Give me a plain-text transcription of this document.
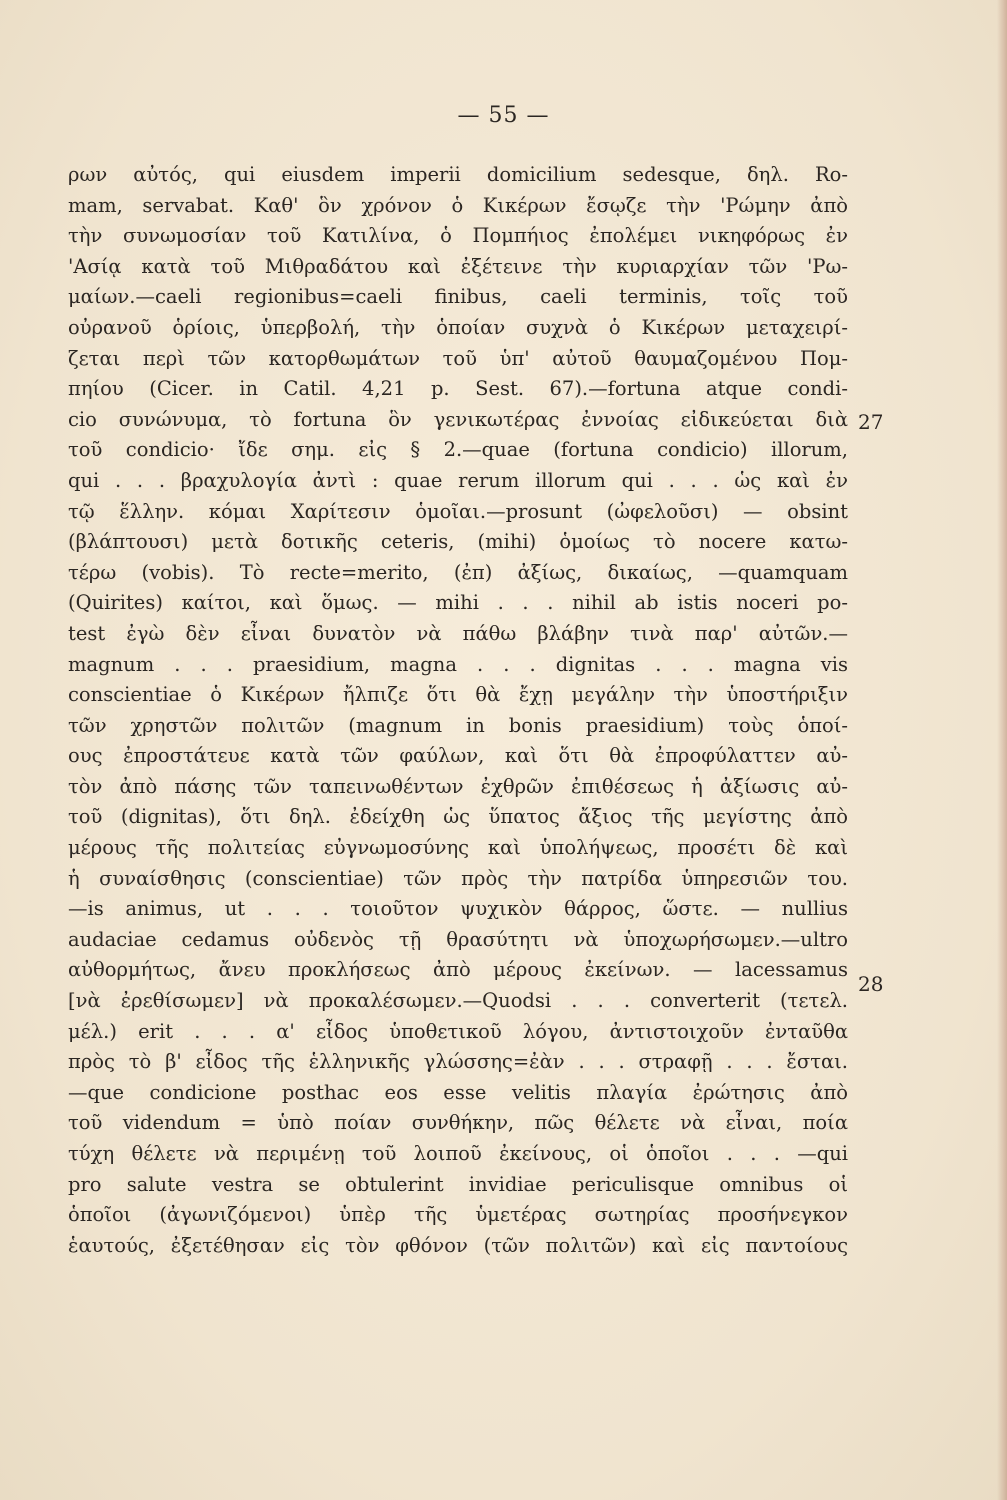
— 55 —
ρων αὐτός, qui eiusdem imperii domicilium sedesque, δηλ. Ro-
mam, servabat. Καθ' ὃν χρόνον ὁ Κικέρων ἔσῳζε τὴν 'Ρώμην ἀπὸ
τὴν συνωμοσίαν τοῦ Κατιλίνα, ὁ Πομπήιος ἐπολέμει νικηφόρως ἐν
'Ασίᾳ κατὰ τοῦ Μιθραδάτου καὶ ἐξέτεινε τὴν κυριαρχίαν τῶν 'Ρω-
μαίων.—caeli regionibus=caeli finibus, caeli terminis, τοῖς τοῦ
οὐρανοῦ ὁρίοις, ὑπερβολή, τὴν ὁποίαν συχνὰ ὁ Κικέρων μεταχειρί-
ζεται περὶ τῶν κατορθωμάτων τοῦ ὑπ' αὐτοῦ θαυμαζομένου Πομ-
πηίου (Cicer. in Catil. 4,21 p. Sest. 67).—fortuna atque condi-
cio συνώνυμα, τὸ fortuna ὃν γενικωτέρας ἐννοίας εἰδικεύεται διὰ
τοῦ condicio· ἴδε σημ. εἰς § 2.—quae (fortuna condicio) illorum,
qui . . . βραχυλογία ἀντὶ : quae rerum illorum qui . . . ὡς καὶ ἐν
τῷ ἕλλην. κόμαι Χαρίτεσιν ὁμοῖαι.—prosunt (ὠφελοῦσι) — obsint
(βλάπτουσι) μετὰ δοτικῆς ceteris, (mihi) ὁμοίως τὸ nocere κατω-
τέρω (vobis). Τὸ recte=merito, (ἐπ) ἀξίως, δικαίως, —quamquam
(Quirites) καίτοι, καὶ ὅμως. — mihi . . . nihil ab istis noceri po-
test ἐγὼ δὲν εἶναι δυνατὸν νὰ πάθω βλάβην τινὰ παρ' αὐτῶν.—
magnum . . . praesidium, magna . . . dignitas . . . magna vis
conscientiae ὁ Κικέρων ἤλπιζε ὅτι θὰ ἔχῃ μεγάλην τὴν ὑποστήριξιν
τῶν χρηστῶν πολιτῶν (magnum in bonis praesidium) τοὺς ὁποί-
ους ἐπροστάτευε κατὰ τῶν φαύλων, καὶ ὅτι θὰ ἐπροφύλαττεν αὐ-
τὸν ἀπὸ πάσης τῶν ταπεινωθέντων ἐχθρῶν ἐπιθέσεως ἡ ἀξίωσις αὐ-
τοῦ (dignitas), ὅτι δηλ. ἐδείχθη ὡς ὕπατος ἄξιος τῆς μεγίστης ἀπὸ
μέρους τῆς πολιτείας εὐγνωμοσύνης καὶ ὑπολήψεως, προσέτι δὲ καὶ
ἡ συναίσθησις (conscientiae) τῶν πρὸς τὴν πατρίδα ὑπηρεσιῶν του.
—is animus, ut . . . τοιοῦτον ψυχικὸν θάρρος, ὥστε. — nullius
audaciae cedamus οὐδενὸς τῇ θρασύτητι νὰ ὑποχωρήσωμεν.—ultro
αὐθορμήτως, ἄνευ προκλήσεως ἀπὸ μέρους ἐκείνων. — lacessamus
[νὰ ἐρεθίσωμεν] νὰ προκαλέσωμεν.—Quodsi . . . converterit (τετελ.
μέλ.) erit . . . α' εἶδος ὑποθετικοῦ λόγου, ἀντιστοιχοῦν ἐνταῦθα
πρὸς τὸ β' εἶδος τῆς ἑλληνικῆς γλώσσης=ἐὰν . . . στραφῇ . . . ἔσται.
—que condicione posthac eos esse velitis πλαγία ἐρώτησις ἀπὸ
τοῦ videndum = ὑπὸ ποίαν συνθήκην, πῶς θέλετε νὰ εἶναι, ποία
τύχη θέλετε νὰ περιμένῃ τοῦ λοιποῦ ἐκείνους, οἱ ὁποῖοι . . . —qui
pro salute vestra se obtulerint invidiae periculisque omnibus οἱ
ὁποῖοι (ἀγωνιζόμενοι) ὑπὲρ τῆς ὑμετέρας σωτηρίας προσήνεγκον
ἑαυτούς, ἐξετέθησαν εἰς τὸν φθόνον (τῶν πολιτῶν) καὶ εἰς παντοίους
27
28
